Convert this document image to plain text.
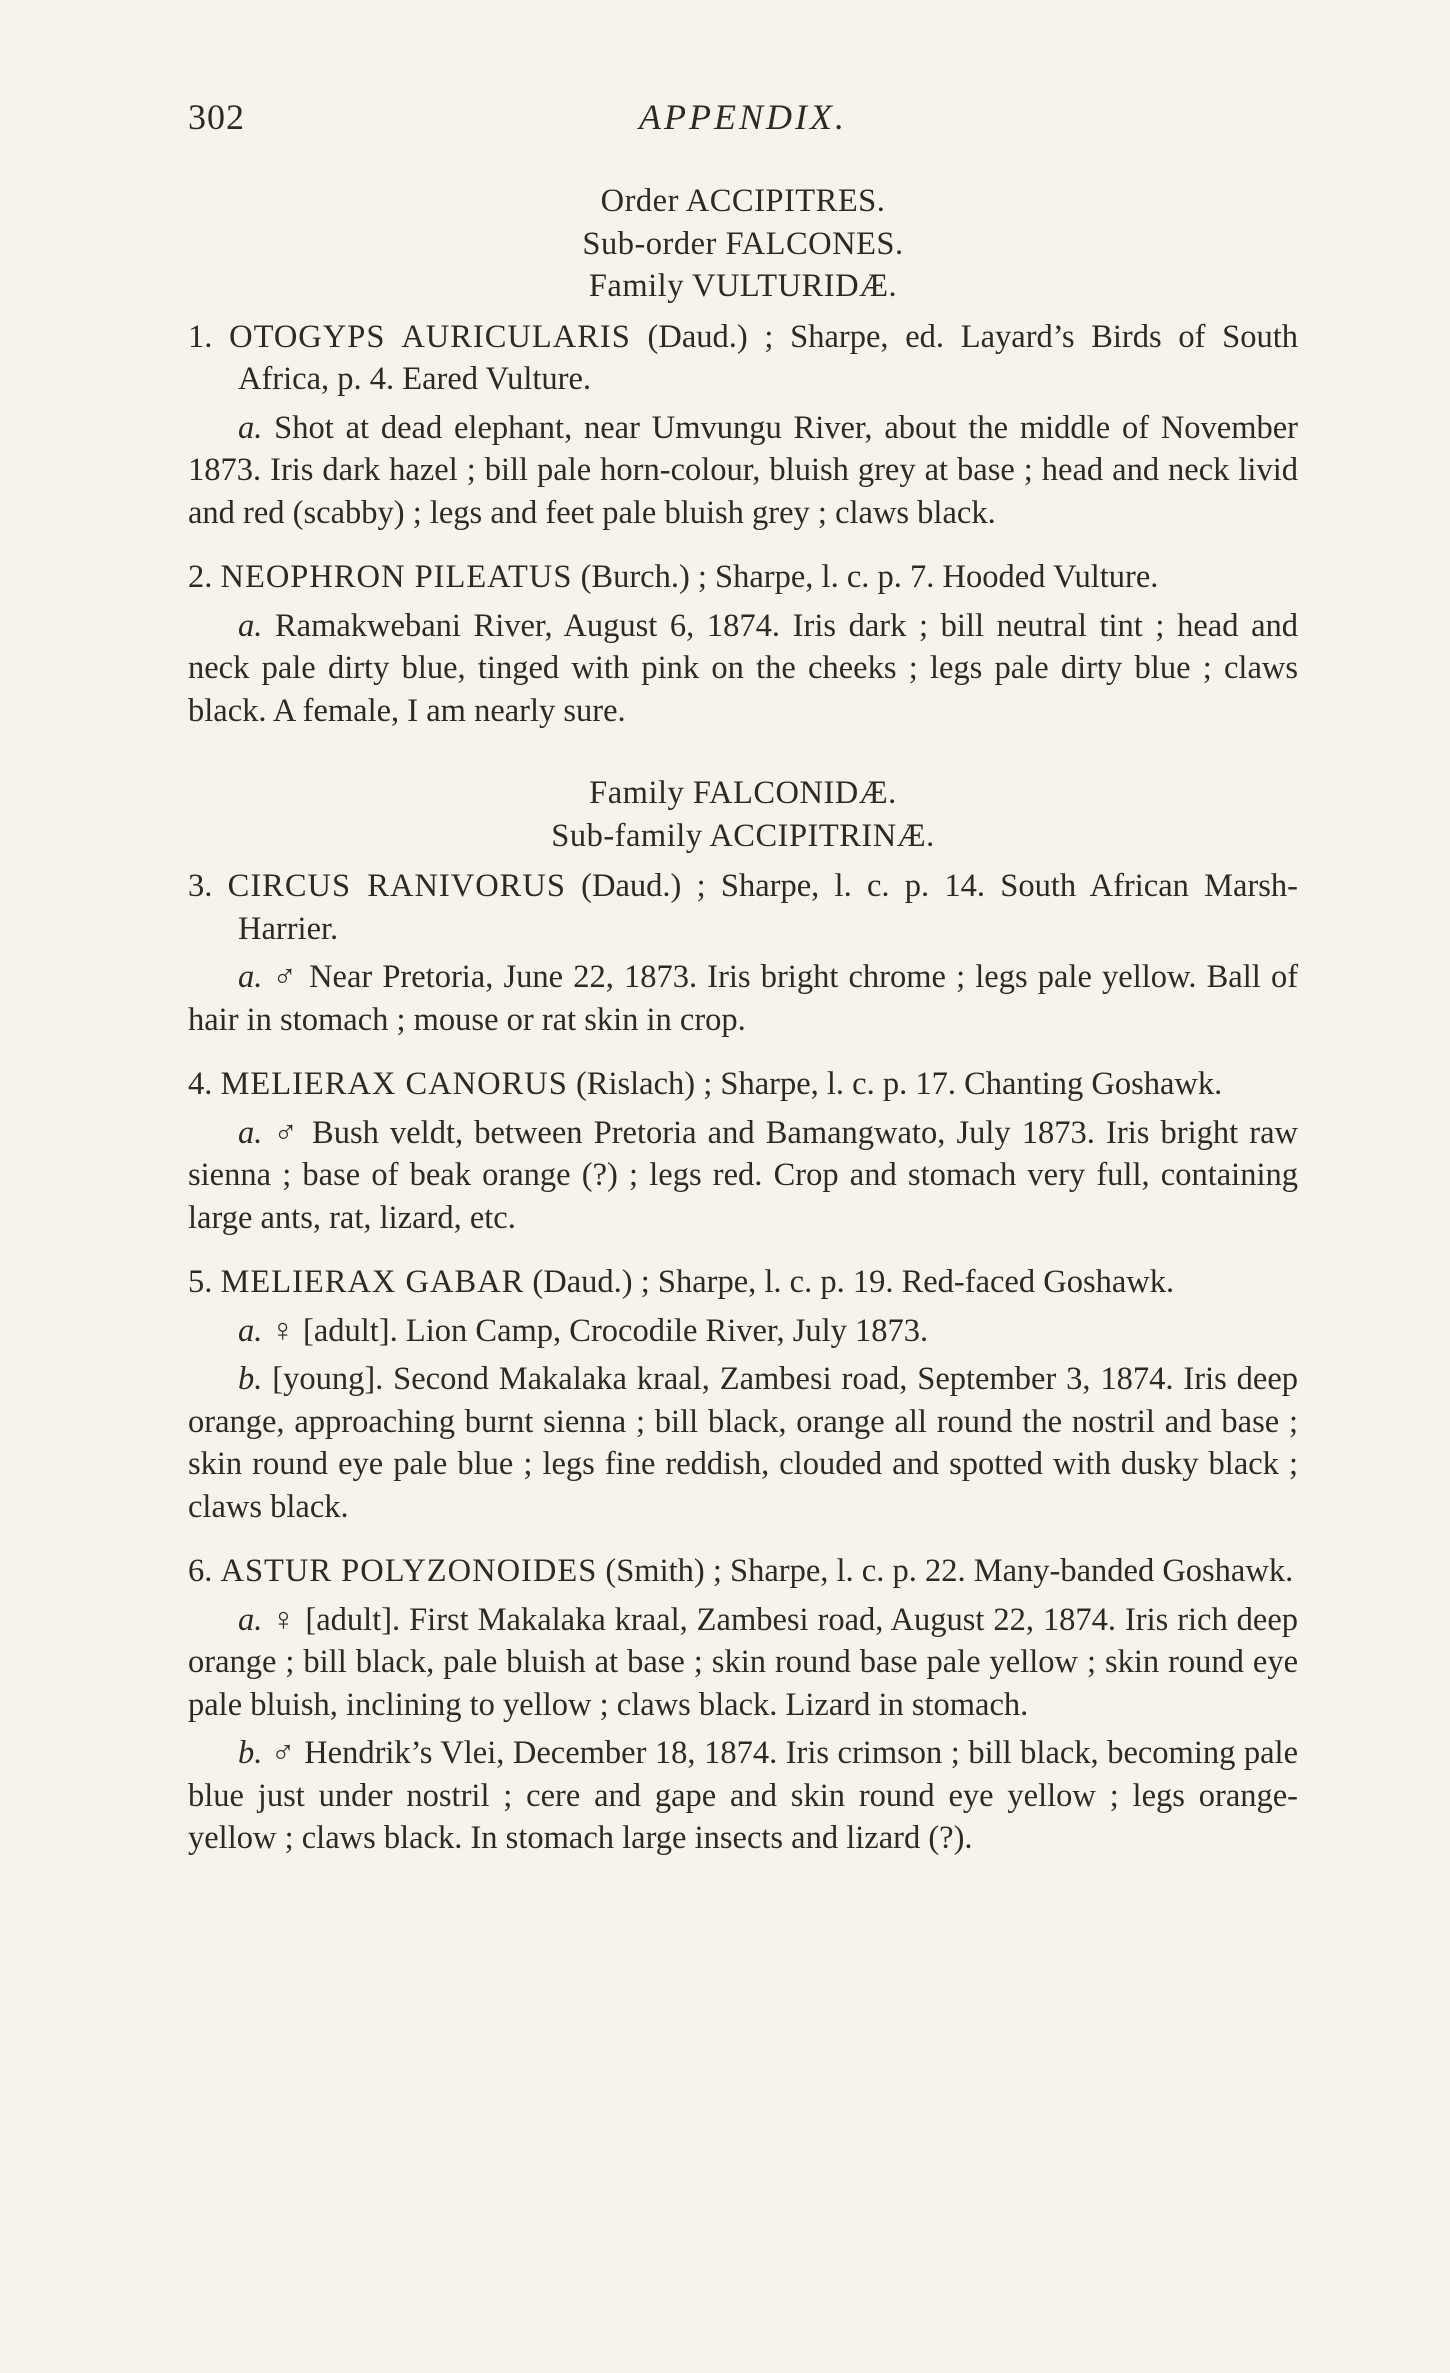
302	APPENDIX.
Order ACCIPITRES.
Sub-order FALCONES.
Family VULTURIDÆ.
1. OTOGYPS AURICULARIS (Daud.) ; Sharpe, ed. Layard’s Birds of South Africa, p. 4. Eared Vulture.
a. Shot at dead elephant, near Umvungu River, about the middle of November 1873. Iris dark hazel ; bill pale horn-colour, bluish grey at base ; head and neck livid and red (scabby) ; legs and feet pale bluish grey ; claws black.
2. NEOPHRON PILEATUS (Burch.) ; Sharpe, l. c. p. 7. Hooded Vulture.
a. Ramakwebani River, August 6, 1874. Iris dark ; bill neutral tint ; head and neck pale dirty blue, tinged with pink on the cheeks ; legs pale dirty blue ; claws black. A female, I am nearly sure.
Family FALCONIDÆ.
Sub-family ACCIPITRINÆ.
3. CIRCUS RANIVORUS (Daud.) ; Sharpe, l. c. p. 14. South African Marsh-Harrier.
a. ♂ Near Pretoria, June 22, 1873. Iris bright chrome ; legs pale yellow. Ball of hair in stomach ; mouse or rat skin in crop.
4. MELIERAX CANORUS (Rislach) ; Sharpe, l. c. p. 17. Chanting Goshawk.
a. ♂ Bush veldt, between Pretoria and Bamangwato, July 1873. Iris bright raw sienna ; base of beak orange (?) ; legs red. Crop and stomach very full, containing large ants, rat, lizard, etc.
5. MELIERAX GABAR (Daud.) ; Sharpe, l. c. p. 19. Red-faced Goshawk.
a. ♀ [adult]. Lion Camp, Crocodile River, July 1873.
b. [young]. Second Makalaka kraal, Zambesi road, September 3, 1874. Iris deep orange, approaching burnt sienna ; bill black, orange all round the nostril and base ; skin round eye pale blue ; legs fine reddish, clouded and spotted with dusky black ; claws black.
6. ASTUR POLYZONOIDES (Smith) ; Sharpe, l. c. p. 22. Many-banded Goshawk.
a. ♀ [adult]. First Makalaka kraal, Zambesi road, August 22, 1874. Iris rich deep orange ; bill black, pale bluish at base ; skin round base pale yellow ; skin round eye pale bluish, inclining to yellow ; claws black. Lizard in stomach.
b. ♂ Hendrik’s Vlei, December 18, 1874. Iris crimson ; bill black, becoming pale blue just under nostril ; cere and gape and skin round eye yellow ; legs orange-yellow ; claws black. In stomach large insects and lizard (?).
